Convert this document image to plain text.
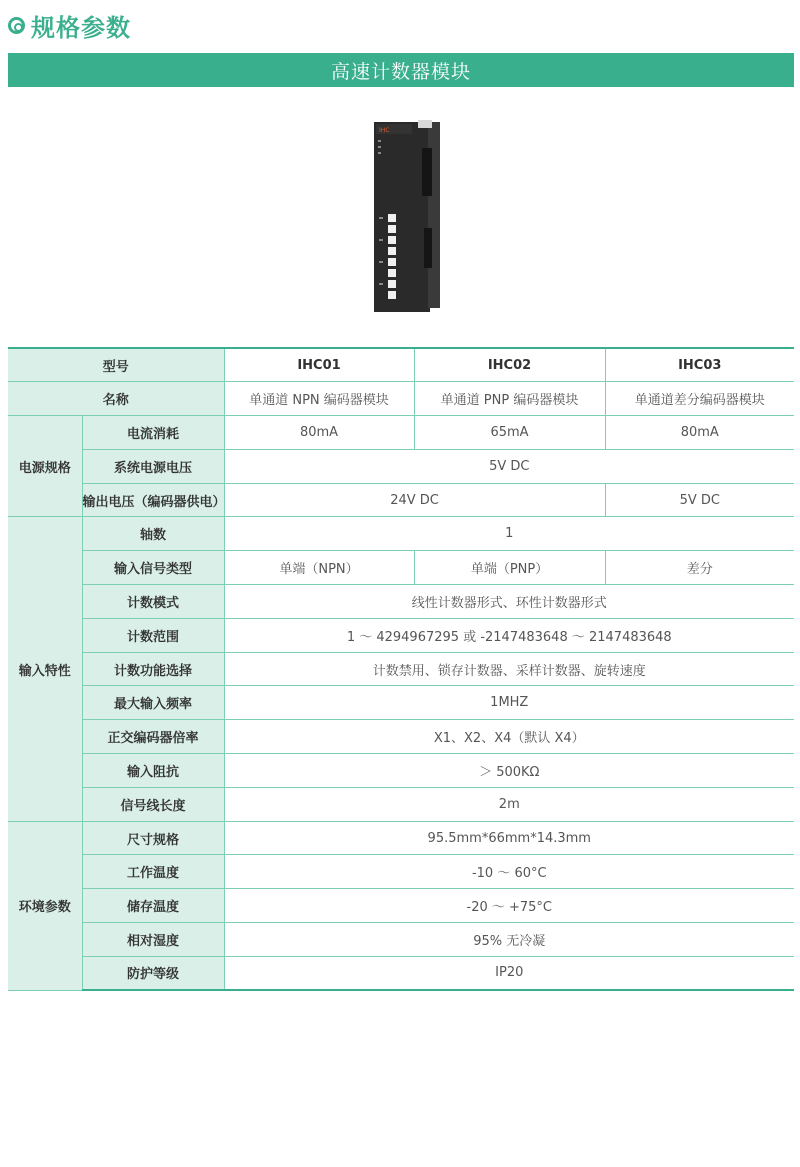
规格参数
高速计数器模块
IHC
型号		IHC01	IHC02	IHC03
名称		单通道 NPN 编码器模块	单通道 PNP 编码器模块	单通道差分编码器模块
电源规格	电流消耗	80mA	65mA	80mA
	系统电源电压	5V DC		
	输出电压（编码器供电）	24V DC		5V DC
输入特性	轴数	1		
	输入信号类型	单端（NPN）	单端（PNP）	差分
	计数模式	线性计数器形式、环性计数器形式		
	计数范围	1 ～ 4294967295 或 -2147483648 ～ 2147483648		
	计数功能选择	计数禁用、锁存计数器、采样计数器、旋转速度		
	最大输入频率	1MHZ		
	正交编码器倍率	X1、X2、X4（默认 X4）		
	输入阻抗	＞ 500KΩ		
	信号线长度	2m		
环境参数	尺寸规格	95.5mm*66mm*14.3mm		
	工作温度	-10 ～ 60°C		
	储存温度	-20 ～ +75°C		
	相对湿度	95% 无冷凝		
	防护等级	IP20		
